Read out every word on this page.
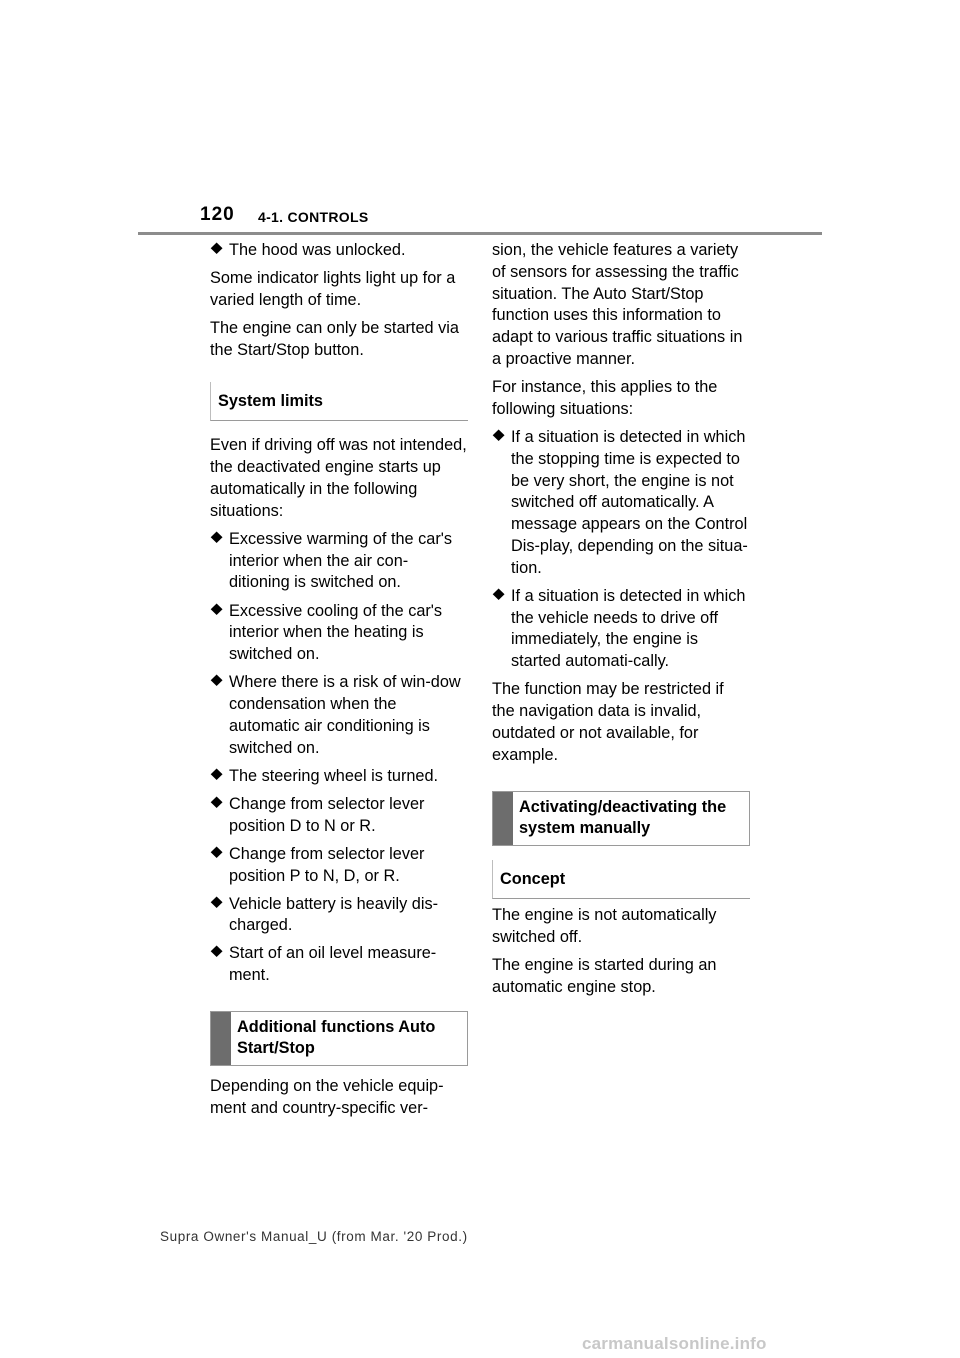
120 4-1. CONTROLS
⯁ The hood was unlocked.

Some indicator lights light up for a varied length of time.

The engine can only be started via the Start/Stop button.

System limits

Even if driving off was not intended, the deactivated engine starts up automatically in the following situations:

⯁ Excessive warming of the car's interior when the air con-ditioning is switched on.
⯁ Excessive cooling of the car's interior when the heating is switched on.
⯁ Where there is a risk of win-dow condensation when the automatic air conditioning is switched on.
⯁ The steering wheel is turned.
⯁ Change from selector lever position D to N or R.
⯁ Change from selector lever position P to N, D, or R.
⯁ Vehicle battery is heavily dis-charged.
⯁ Start of an oil level measure-ment.
Additional functions Auto Start/Stop

Depending on the vehicle equip-ment and country-specific ver-

sion, the vehicle features a variety of sensors for assessing the traffic situation. The Auto Start/Stop function uses this information to adapt to various traffic situations in a proactive manner.

For instance, this applies to the following situations:

⯁ If a situation is detected in which the stopping time is expected to be very short, the engine is not switched off automatically. A message appears on the Control Dis-play, depending on the situa-tion.
⯁ If a situation is detected in which the vehicle needs to drive off immediately, the engine is started automati-cally.

The function may be restricted if the navigation data is invalid, outdated or not available, for example.

Activating/deactivating the system manually
Concept

The engine is not automatically switched off.

The engine is started during an automatic engine stop.

Supra Owner's Manual_U (from Mar. '20 Prod.)
carmanualsonline.info
